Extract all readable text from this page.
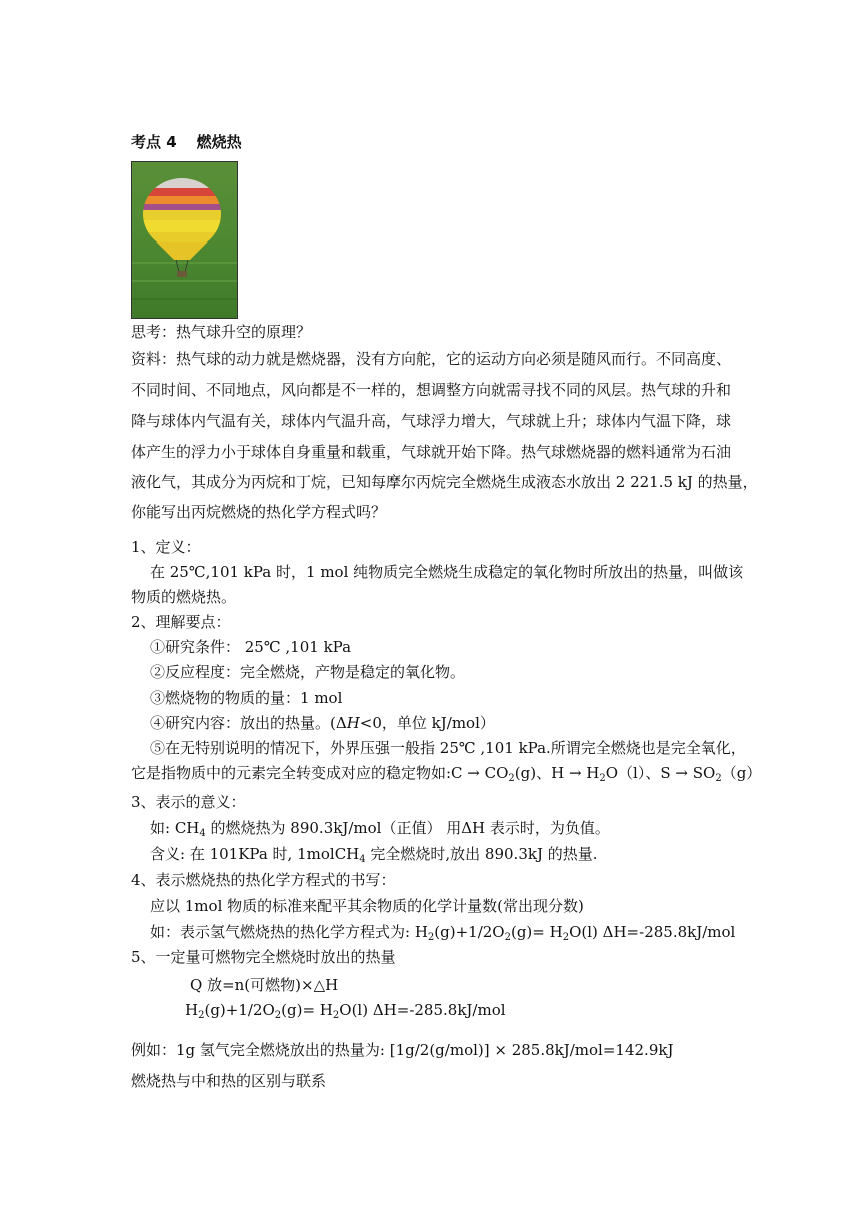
考点 4 燃烧热
思考：热气球升空的原理？
资料：热气球的动力就是燃烧器，没有方向舵，它的运动方向必须是随风而行。不同高度、
不同时间、不同地点，风向都是不一样的，想调整方向就需寻找不同的风层。热气球的升和
降与球体内气温有关，球体内气温升高，气球浮力增大，气球就上升；球体内气温下降，球
体产生的浮力小于球体自身重量和载重，气球就开始下降。热气球燃烧器的燃料通常为石油
液化气，其成分为丙烷和丁烷，已知每摩尔丙烷完全燃烧生成液态水放出 2 221.5 kJ 的热量，
你能写出丙烷燃烧的热化学方程式吗？
1、定义：
在 25℃,101 kPa 时，1 mol 纯物质完全燃烧生成稳定的氧化物时所放出的热量，叫做该
物质的燃烧热。
2、理解要点：
①研究条件： 25℃ ,101 kPa
②反应程度：完全燃烧，产物是稳定的氧化物。
③燃烧物的物质的量：1 mol
④研究内容：放出的热量。(ΔH<0，单位 kJ/mol）
⑤在无特别说明的情况下，外界压强一般指 25℃ ,101 kPa.所谓完全燃烧也是完全氧化，
它是指物质中的元素完全转变成对应的稳定物如:C → $CO_2(g)$、$H \to H_2O(l)$、$S \to SO_2(g)$
3、表示的意义：
如: $CH_4$ 的燃烧热为 890.3kJ/mol（正值） 用ΔH 表示时，为负值。
含义: 在 101KPa 时, 1molCH$_4$ 完全燃烧时,放出 890.3kJ 的热量.
4、表示燃烧热的热化学方程式的书写：
应以 1mol 物质的标准来配平其余物质的化学计量数(常出现分数)
如：表示氢气燃烧热的热化学方程式为: $H_2(g)+1/2O_2(g)= H_2O(l)$ ΔH=-285.8kJ/mol
5、一定量可燃物完全燃烧时放出的热量
Q 放=n(可燃物)×△H
$H_2(g)+1/2O_2(g)= H_2O(l)$ ΔH=-285.8kJ/mol
例如：1g 氢气完全燃烧放出的热量为: [1g/2(g/mol)] × 285.8kJ/mol=142.9kJ
燃烧热与中和热的区别与联系
